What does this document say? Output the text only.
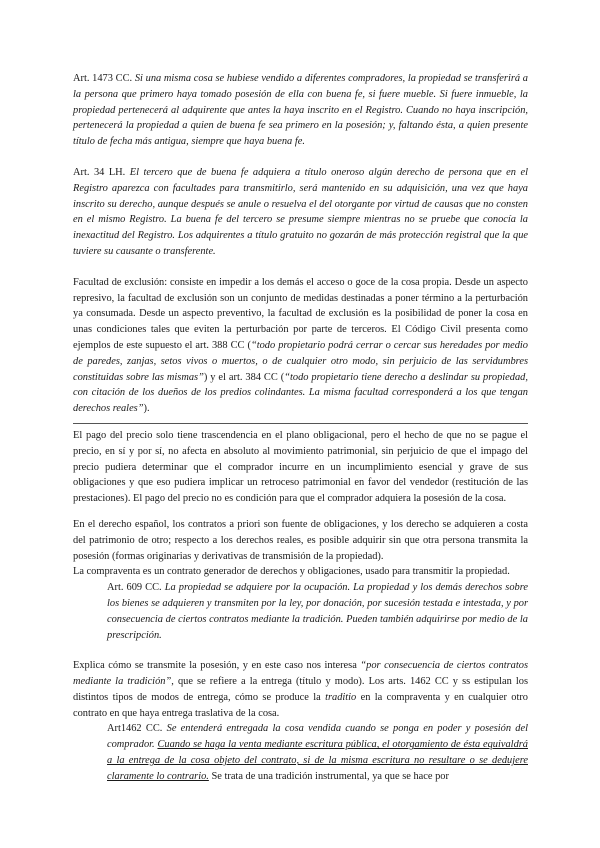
Art. 1473 CC. Si una misma cosa se hubiese vendido a diferentes compradores, la propiedad se transferirá a la persona que primero haya tomado posesión de ella con buena fe, si fuere mueble. Si fuere inmueble, la propiedad pertenecerá al adquirente que antes la haya inscrito en el Registro. Cuando no haya inscripción, pertenecerá la propiedad a quien de buena fe sea primero en la posesión; y, faltando ésta, a quien presente título de fecha más antigua, siempre que haya buena fe.

Art. 34 LH. El tercero que de buena fe adquiera a título oneroso algún derecho de persona que en el Registro aparezca con facultades para transmitirlo, será mantenido en su adquisición, una vez que haya inscrito su derecho, aunque después se anule o resuelva el del otorgante por virtud de causas que no consten en el mismo Registro. La buena fe del tercero se presume siempre mientras no se pruebe que conocía la inexactitud del Registro. Los adquirentes a título gratuito no gozarán de más protección registral que la que tuviere su causante o transferente.

Facultad de exclusión: consiste en impedir a los demás el acceso o goce de la cosa propia. Desde un aspecto represivo, la facultad de exclusión son un conjunto de medidas destinadas a poner término a la perturbación ya consumada. Desde un aspecto preventivo, la facultad de exclusión es la posibilidad de poner la cosa en unas condiciones tales que eviten la perturbación por parte de terceros. El Código Civil presenta como ejemplos de este supuesto el art. 388 CC (“todo propietario podrá cerrar o cercar sus heredades por medio de paredes, zanjas, setos vivos o muertos, o de cualquier otro modo, sin perjuicio de las servidumbres constituidas sobre las mismas”) y el art. 384 CC (“todo propietario tiene derecho a deslindar su propiedad, con citación de los dueños de los predios colindantes. La misma facultad corresponderá a los que tengan derechos reales”).

El pago del precio solo tiene trascendencia en el plano obligacional, pero el hecho de que no se pague el precio, en sí y por sí, no afecta en absoluto al movimiento patrimonial, sin perjuicio de que el impago del precio pudiera determinar que el comprador incurre en un incumplimiento esencial y grave de sus obligaciones y que eso pudiera implicar un retroceso patrimonial en favor del vendedor (restitución de las prestaciones). El pago del precio no es condición para que el comprador adquiera la posesión de la cosa.

En el derecho español, los contratos a priori son fuente de obligaciones, y los derecho se adquieren a costa del patrimonio de otro; respecto a los derechos reales, es posible adquirir sin que otra persona transmita la posesión (formas originarias y derivativas de transmisión de la propiedad).

La compraventa es un contrato generador de derechos y obligaciones, usado para transmitir la propiedad.

Art. 609 CC. La propiedad se adquiere por la ocupación. La propiedad y los demás derechos sobre los bienes se adquieren y transmiten por la ley, por donación, por sucesión testada e intestada, y por consecuencia de ciertos contratos mediante la tradición. Pueden también adquirirse por medio de la prescripción.

Explica cómo se transmite la posesión, y en este caso nos interesa “por consecuencia de ciertos contratos mediante la tradición”, que se refiere a la entrega (título y modo). Los arts. 1462 CC y ss estipulan los distintos tipos de modos de entrega, cómo se produce la traditio en la compraventa y en cualquier otro contrato en que haya entrega traslativa de la cosa.

Art1462 CC. Se entenderá entregada la cosa vendida cuando se ponga en poder y posesión del comprador. Cuando se haga la venta mediante escritura pública, el otorgamiento de ésta equivaldrá a la entrega de la cosa objeto del contrato, si de la misma escritura no resultare o se dedujere claramente lo contrario. Se trata de una tradición instrumental, ya que se hace por
